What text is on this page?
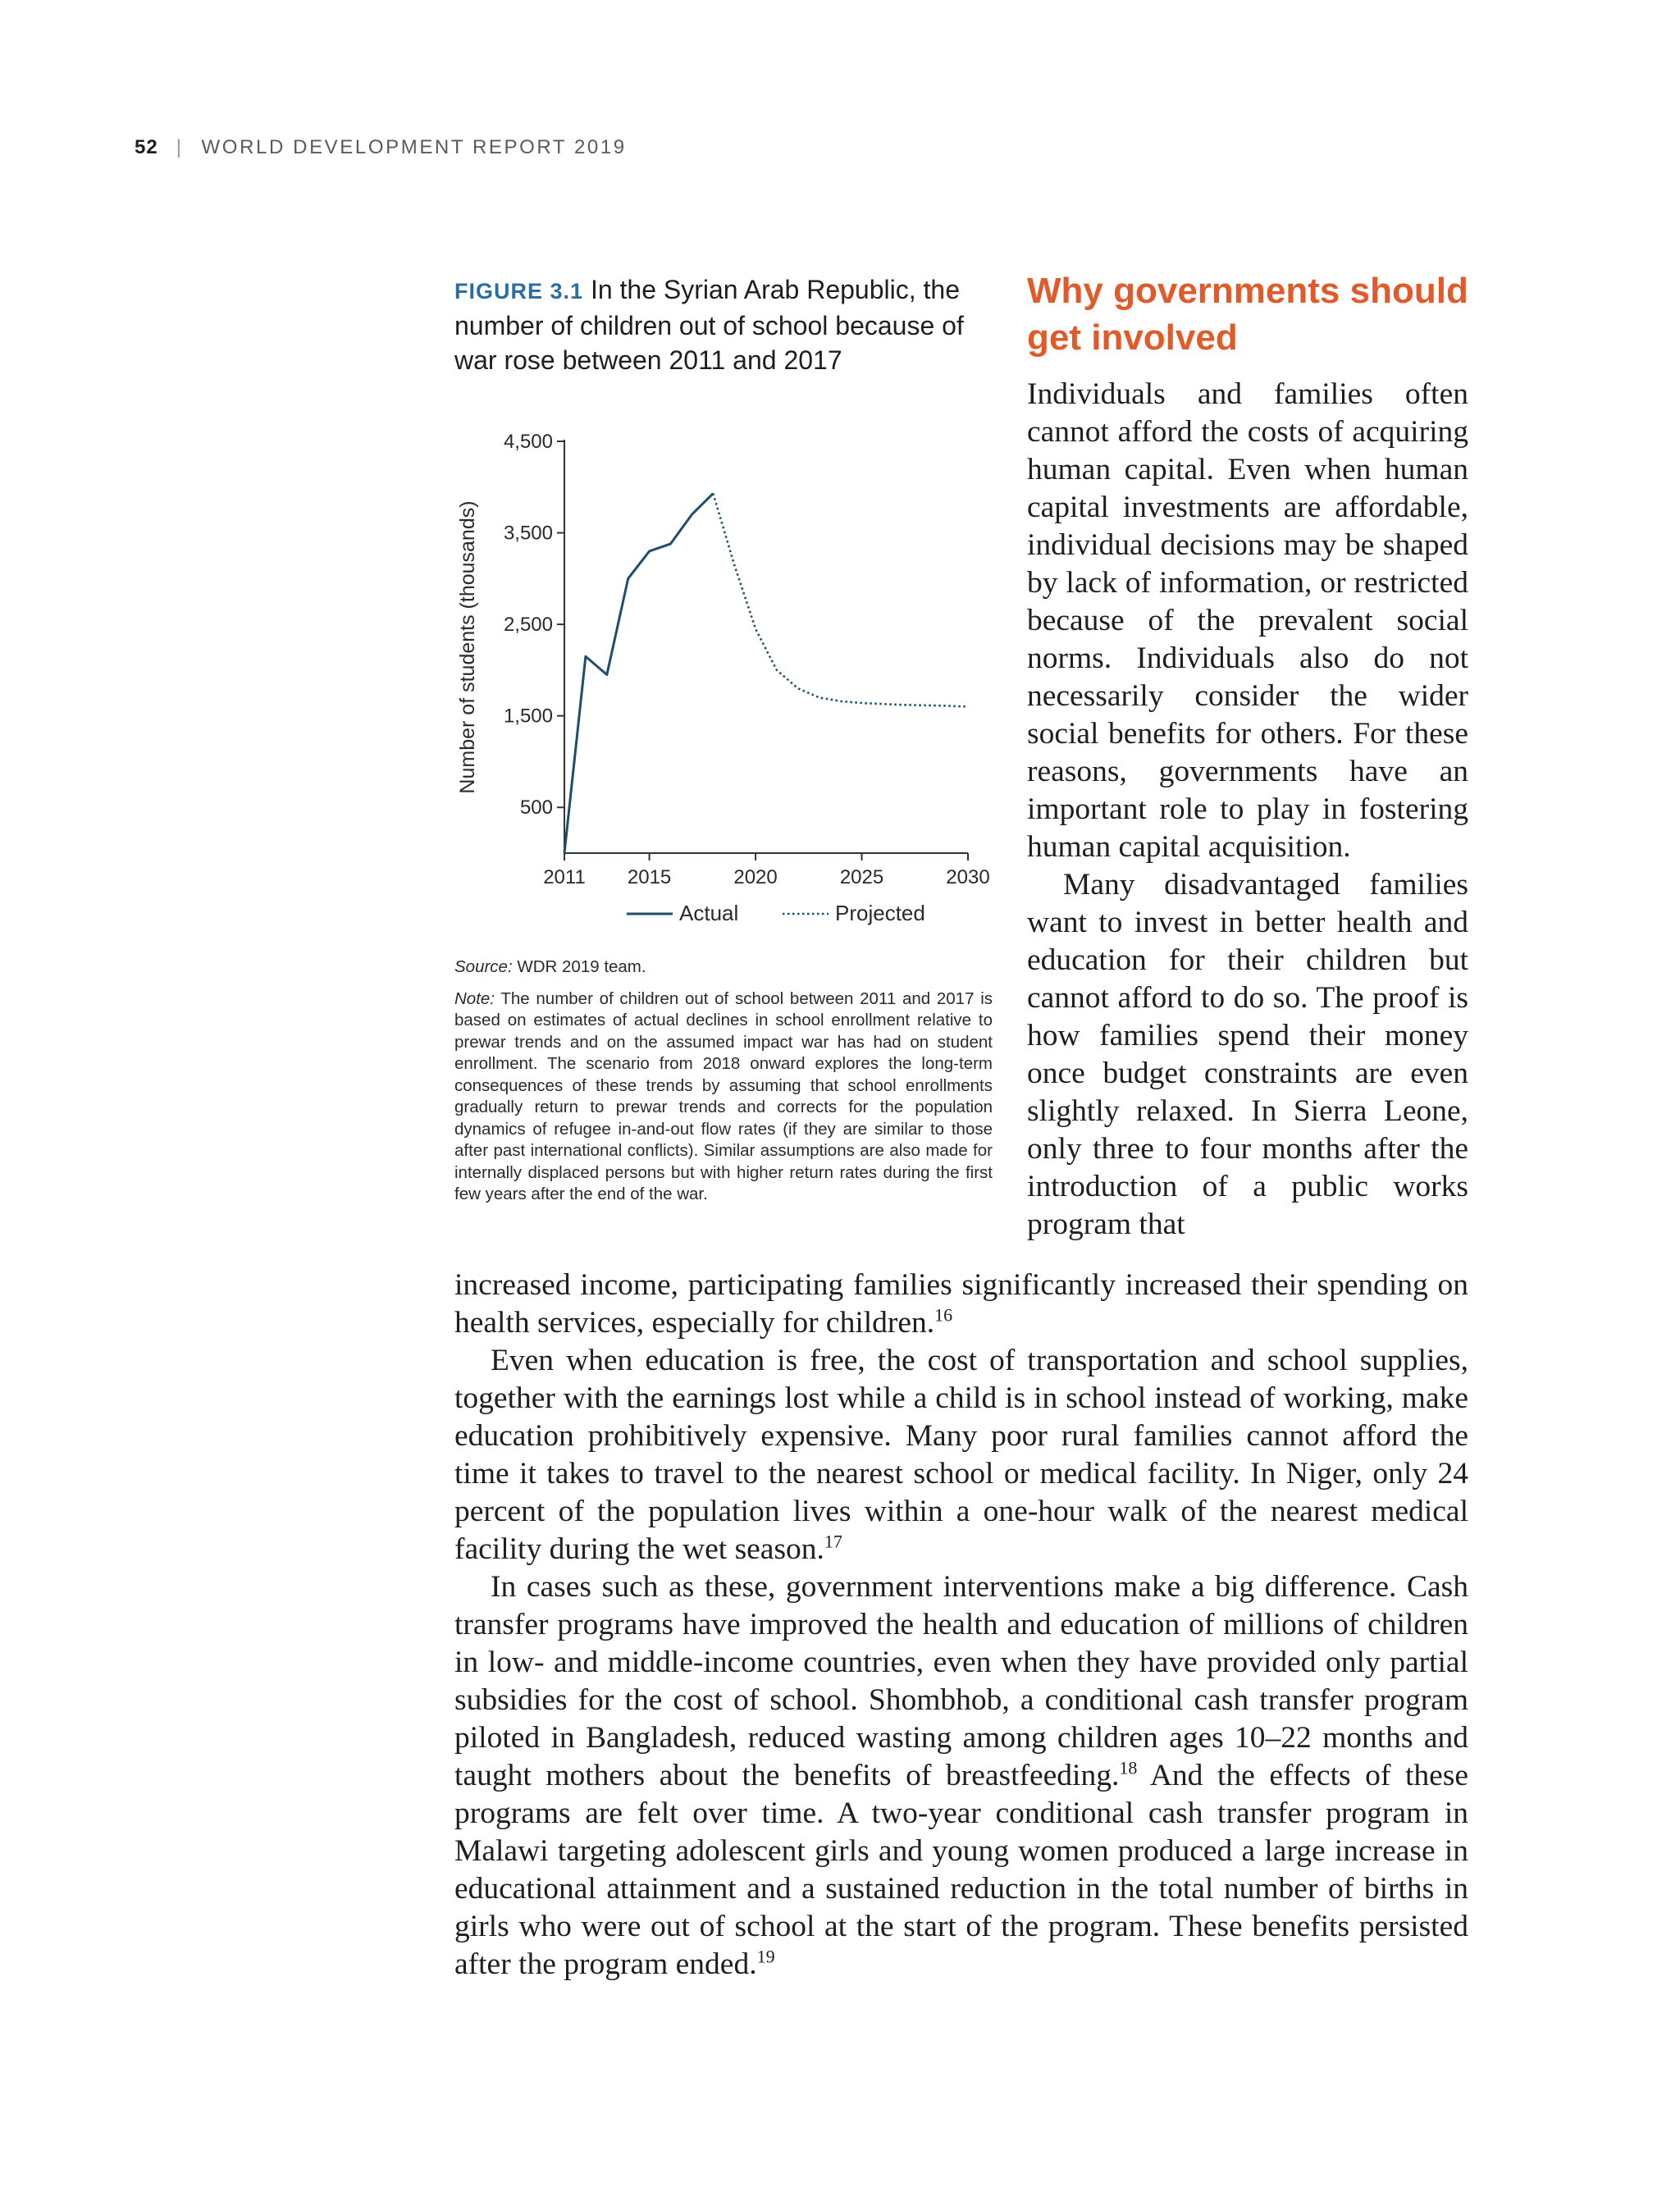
52 | WORLD DEVELOPMENT REPORT 2019

FIGURE 3.1 In the Syrian Arab Republic, the number of children out of school because of war rose between 2011 and 2017

500
1,500
2,500
3,500
4,500
2011 2015	2020	2025	2030
Number of students (thousands)
Actual	Projected

Source: WDR 2019 team.

Note: The number of children out of school between 2011 and 2017 is based on estimates of actual declines in school enrollment relative to prewar trends and on the assumed impact war has had on student enrollment. The scenario from 2018 onward explores the long-term consequences of these trends by assuming that school enrollments gradually return to prewar trends and corrects for the population dynamics of refugee in-and-out flow rates (if they are similar to those after past international conflicts). Similar assumptions are also made for internally displaced persons but with higher return rates during the first few years after the end of the war.

Why governments should get involved

Individuals and families often cannot afford the costs of acquiring human capital. Even when human capital investments are affordable, individual decisions may be shaped by lack of information, or restricted because of the prevalent social norms. Individuals also do not necessarily consider the wider social benefits for others. For these reasons, governments have an important role to play in fostering human capital acquisition.

Many disadvantaged families want to invest in better health and education for their children but cannot afford to do so. The proof is how families spend their money once budget constraints are even slightly relaxed. In Sierra Leone, only three to four months after the introduction of a public works program that

increased income, participating families significantly increased their spending on health services, especially for children.$^{16}$

Even when education is free, the cost of transportation and school supplies, together with the earnings lost while a child is in school instead of working, make education prohibitively expensive. Many poor rural families cannot afford the time it takes to travel to the nearest school or medical facility. In Niger, only 24 percent of the population lives within a one-hour walk of the nearest medical facility during the wet season.$^{17}$

In cases such as these, government interventions make a big difference. Cash transfer programs have improved the health and education of millions of children in low- and middle-income countries, even when they have provided only partial subsidies for the cost of school. Shombhob, a conditional cash transfer program piloted in Bangladesh, reduced wasting among children ages 10–22 months and taught mothers about the benefits of breastfeeding.$^{18}$ And the effects of these programs are felt over time. A two-year conditional cash transfer program in Malawi targeting adolescent girls and young women produced a large increase in educational attainment and a sustained reduction in the total number of births in girls who were out of school at the start of the program. These benefits persisted after the program ended.$^{19}$
